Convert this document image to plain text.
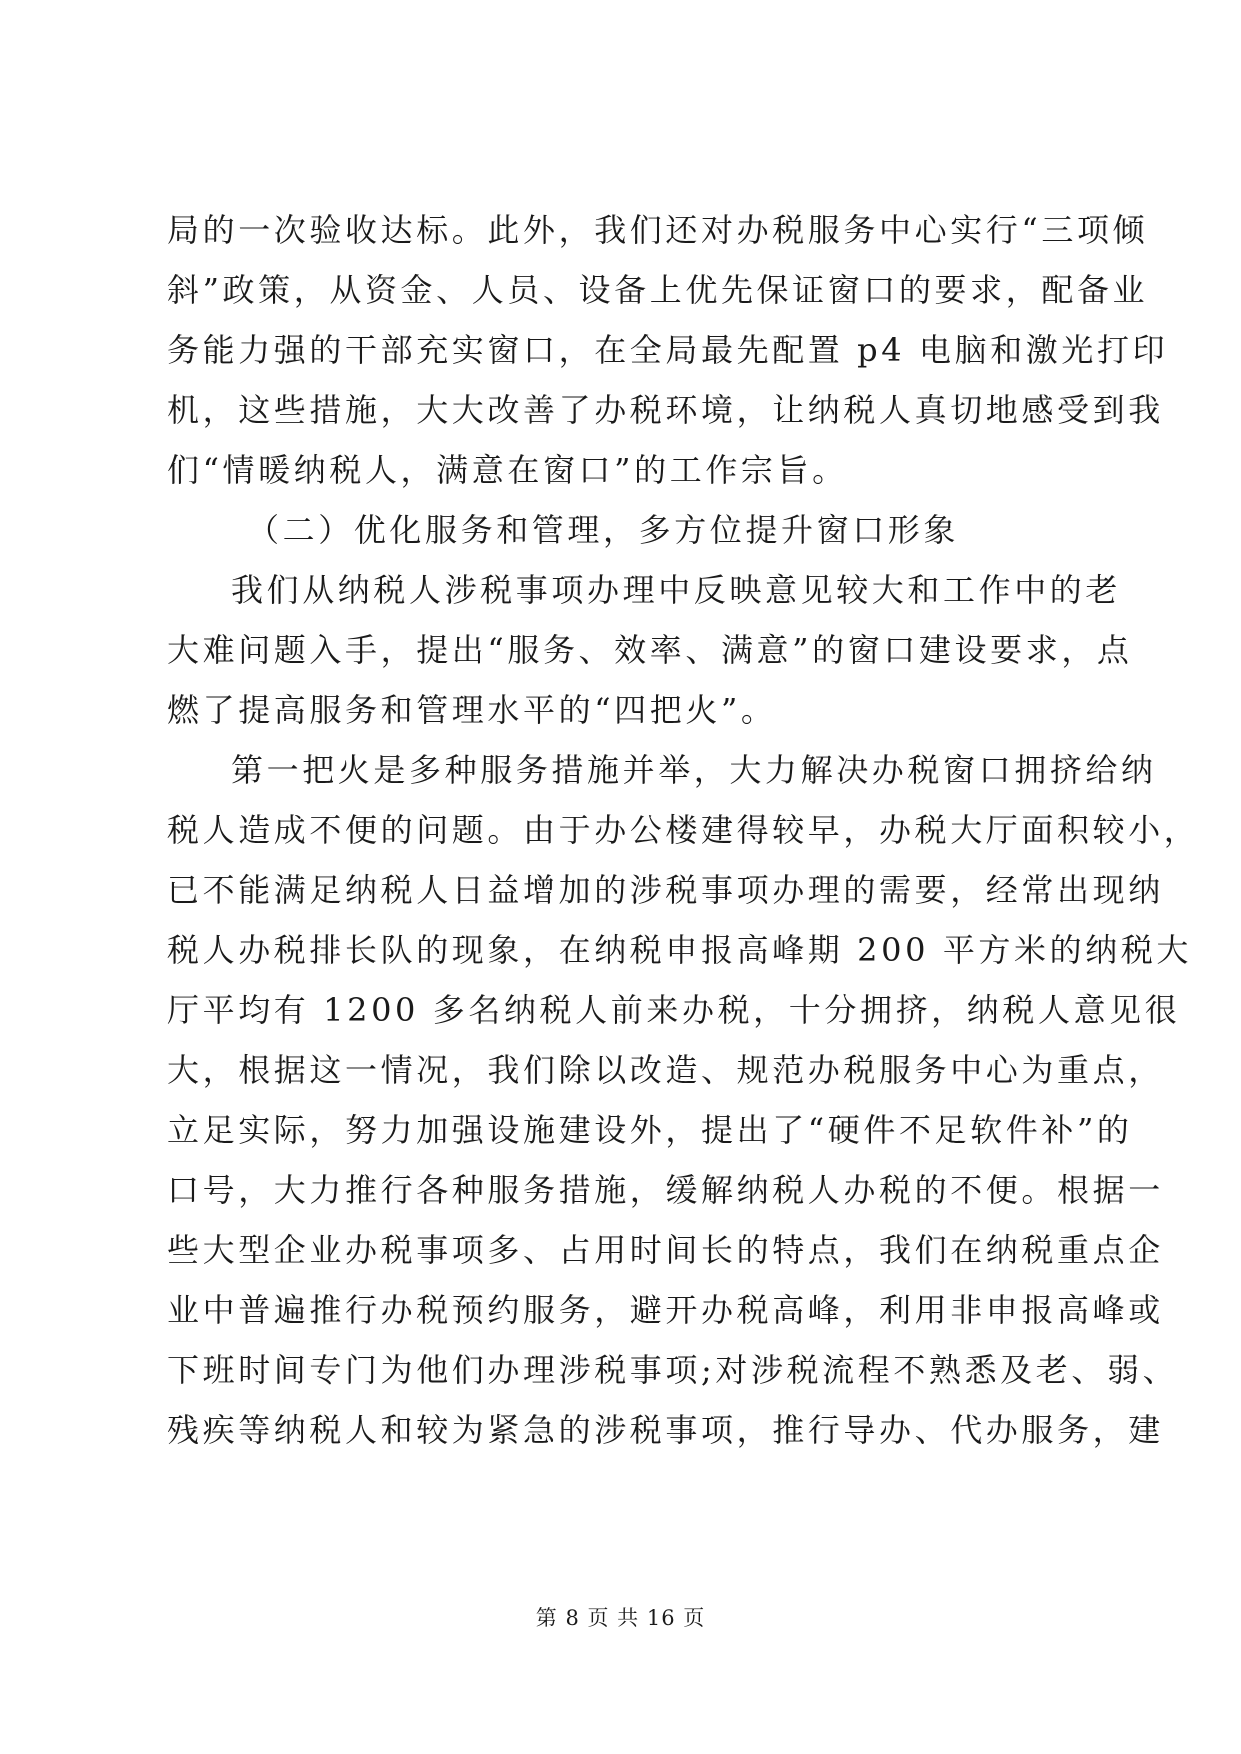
局的一次验收达标。此外，我们还对办税服务中心实行“三项倾
斜”政策，从资金、人员、设备上优先保证窗口的要求，配备业
务能力强的干部充实窗口，在全局最先配置 p4 电脑和激光打印
机，这些措施，大大改善了办税环境，让纳税人真切地感受到我
们“情暖纳税人，满意在窗口”的工作宗旨。
（二）优化服务和管理，多方位提升窗口形象
我们从纳税人涉税事项办理中反映意见较大和工作中的老
大难问题入手，提出“服务、效率、满意”的窗口建设要求，点
燃了提高服务和管理水平的“四把火”。
第一把火是多种服务措施并举，大力解决办税窗口拥挤给纳
税人造成不便的问题。由于办公楼建得较早，办税大厅面积较小，
已不能满足纳税人日益增加的涉税事项办理的需要，经常出现纳
税人办税排长队的现象，在纳税申报高峰期 200 平方米的纳税大
厅平均有 1200 多名纳税人前来办税，十分拥挤，纳税人意见很
大，根据这一情况，我们除以改造、规范办税服务中心为重点，
立足实际，努力加强设施建设外，提出了“硬件不足软件补”的
口号，大力推行各种服务措施，缓解纳税人办税的不便。根据一
些大型企业办税事项多、占用时间长的特点，我们在纳税重点企
业中普遍推行办税预约服务，避开办税高峰，利用非申报高峰或
下班时间专门为他们办理涉税事项;对涉税流程不熟悉及老、弱、
残疾等纳税人和较为紧急的涉税事项，推行导办、代办服务，建
第 8 页 共 16 页
